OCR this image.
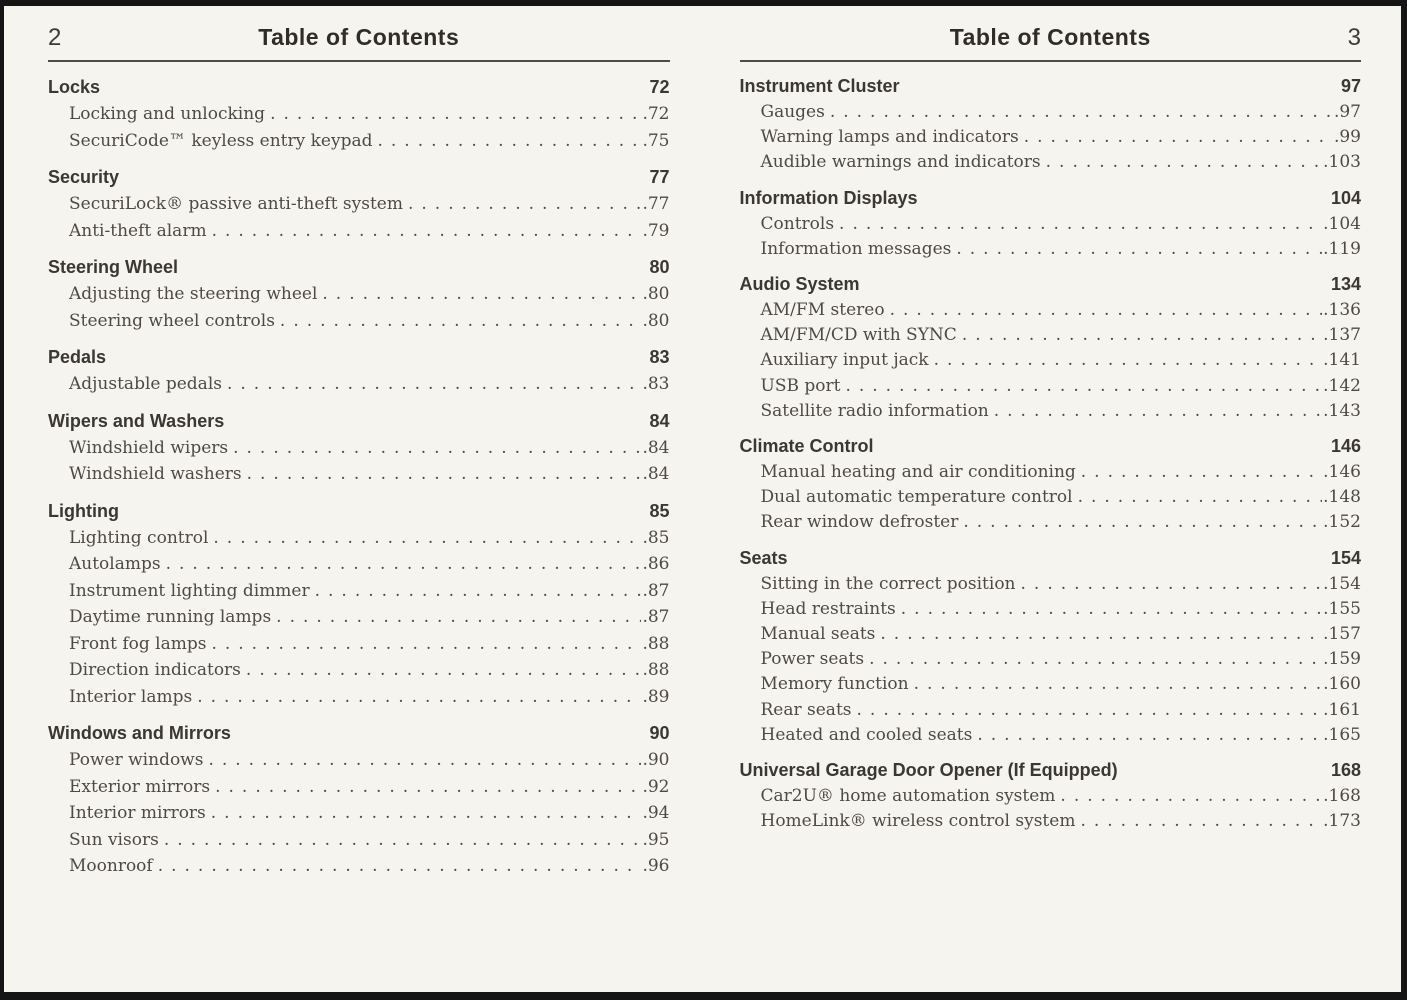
2	Table of Contents
Locks	72
Locking and unlocking .....	. 72
SecuriCode™ keyless entry keypad .....	. 75
Security	77
SecuriLock® passive anti-theft system .....	. 77
Anti-theft alarm .....	. 79
Steering Wheel	80
Adjusting the steering wheel .....	. 80
Steering wheel controls .....	. 80
Pedals	83
Adjustable pedals .....	. 83
Wipers and Washers	84
Windshield wipers .....	. 84
Windshield washers .....	. 84
Lighting	85
Lighting control .....	. 85
Autolamps .....	. 86
Instrument lighting dimmer .....	. 87
Daytime running lamps .....	. 87
Front fog lamps .....	. 88
Direction indicators .....	. 88
Interior lamps .....	. 89
Windows and Mirrors	90
Power windows .....	. 90
Exterior mirrors .....	. 92
Interior mirrors .....	. 94
Sun visors .....	. 95
Moonroof .....	. 96
Table of Contents	3
Instrument Cluster	97
Gauges .....	. 97
Warning lamps and indicators .....	. 99
Audible warnings and indicators .....	. 103
Information Displays	104
Controls .....	. 104
Information messages .....	. 119
Audio System	134
AM/FM stereo .....	. 136
AM/FM/CD with SYNC .....	. 137
Auxiliary input jack .....	. 141
USB port .....	. 142
Satellite radio information .....	. 143
Climate Control	146
Manual heating and air conditioning .....	. 146
Dual automatic temperature control .....	. 148
Rear window defroster .....	. 152
Seats	154
Sitting in the correct position .....	. 154
Head restraints .....	. 155
Manual seats .....	. 157
Power seats .....	. 159
Memory function .....	. 160
Rear seats .....	. 161
Heated and cooled seats .....	. 165
Universal Garage Door Opener (If Equipped)	168
Car2U® home automation system .....	. 168
HomeLink® wireless control system .....	. 173
